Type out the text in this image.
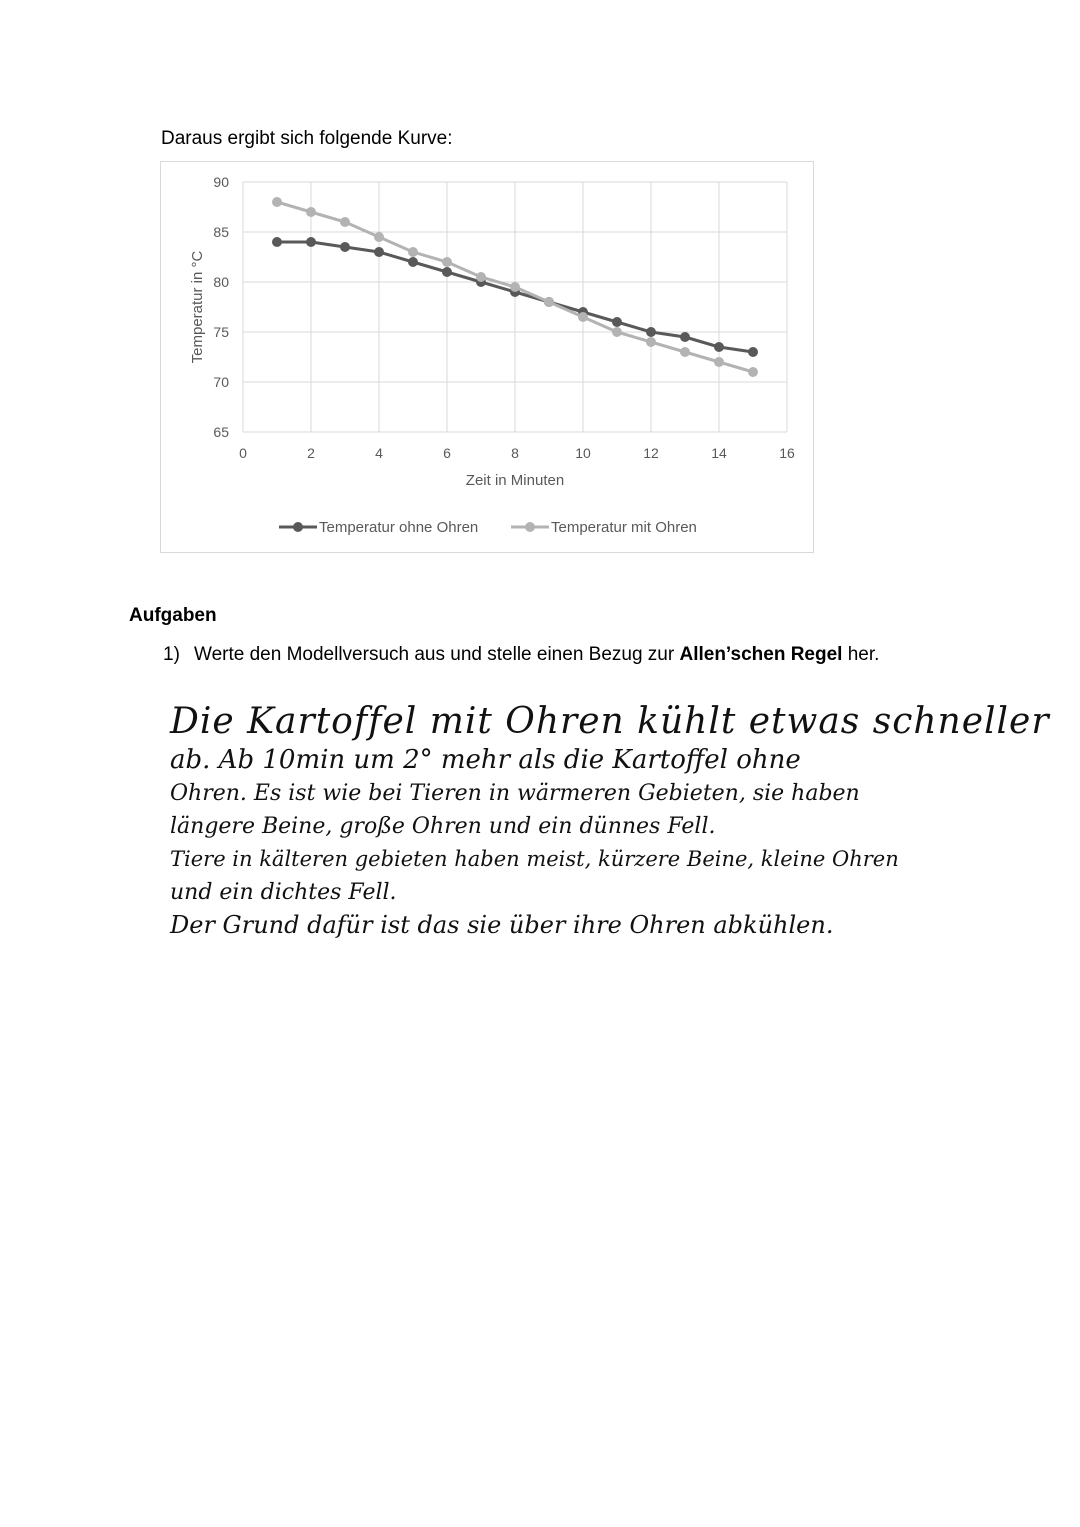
Daraus ergibt sich folgende Kurve:
65
70
75
80
85
90
0	2	4	6	8	10	12	14	16
Zeit in Minuten
Temperatur in °C
Temperatur ohne Ohren	Temperatur mit Ohren
Aufgaben
1) Werte den Modellversuch aus und stelle einen Bezug zur Allen’schen Regel her.
Die Kartoffel mit Ohren kühlt etwas schneller
ab. Ab 10min um 2° mehr als die Kartoffel ohne
Ohren. Es ist wie bei Tieren in wärmeren Gebieten, sie haben
längere Beine, große Ohren und ein dünnes Fell.
Tiere in kälteren gebieten haben meist, kürzere Beine, kleine Ohren
und ein dichtes Fell.
Der Grund dafür ist das sie über ihre Ohren abkühlen.
